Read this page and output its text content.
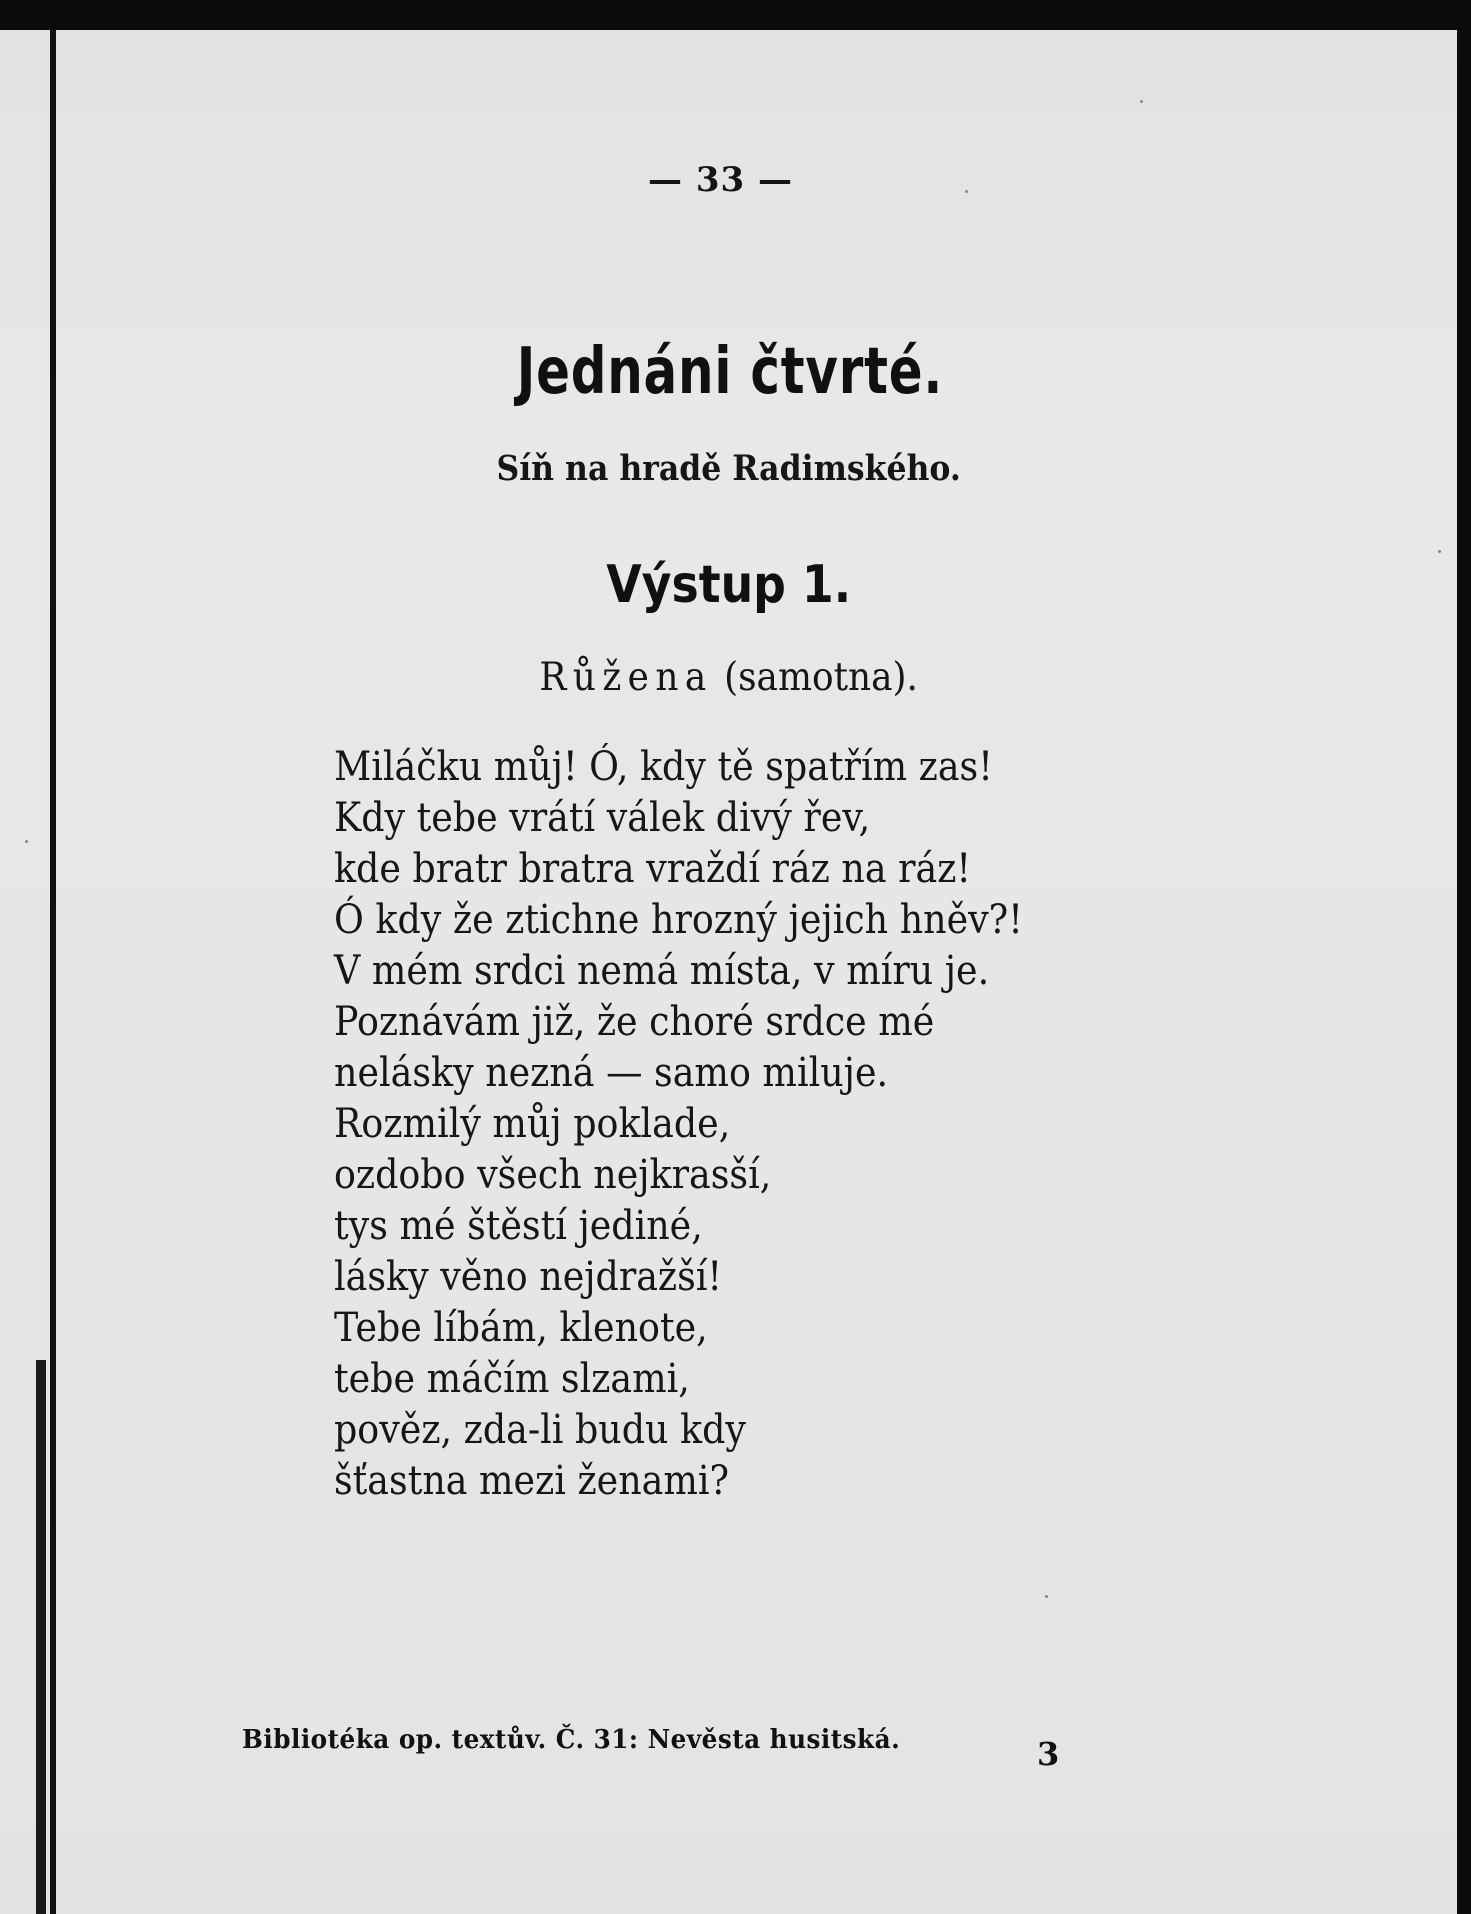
— 33 —
Jednáni čtvrté.
Síň na hradě Radimského.
Výstup 1.
Růžena (samotna).
Miláčku můj! Ó, kdy tě spatřím zas!
Kdy tebe vrátí válek divý řev,
kde bratr bratra vraždí ráz na ráz!
Ó kdy že ztichne hrozný jejich hněv?!
V mém srdci nemá místa, v míru je.
Poznávám již, že choré srdce mé
nelásky nezná — samo miluje.
Rozmilý můj poklade,
ozdobo všech nejkrasší,
tys mé štěstí jediné,
lásky věno nejdražší!
Tebe líbám, klenote,
tebe máčím slzami,
pověz, zda-li budu kdy
šťastna mezi ženami?
Bibliotéka op. textův. Č. 31: Nevěsta husitská.	3
